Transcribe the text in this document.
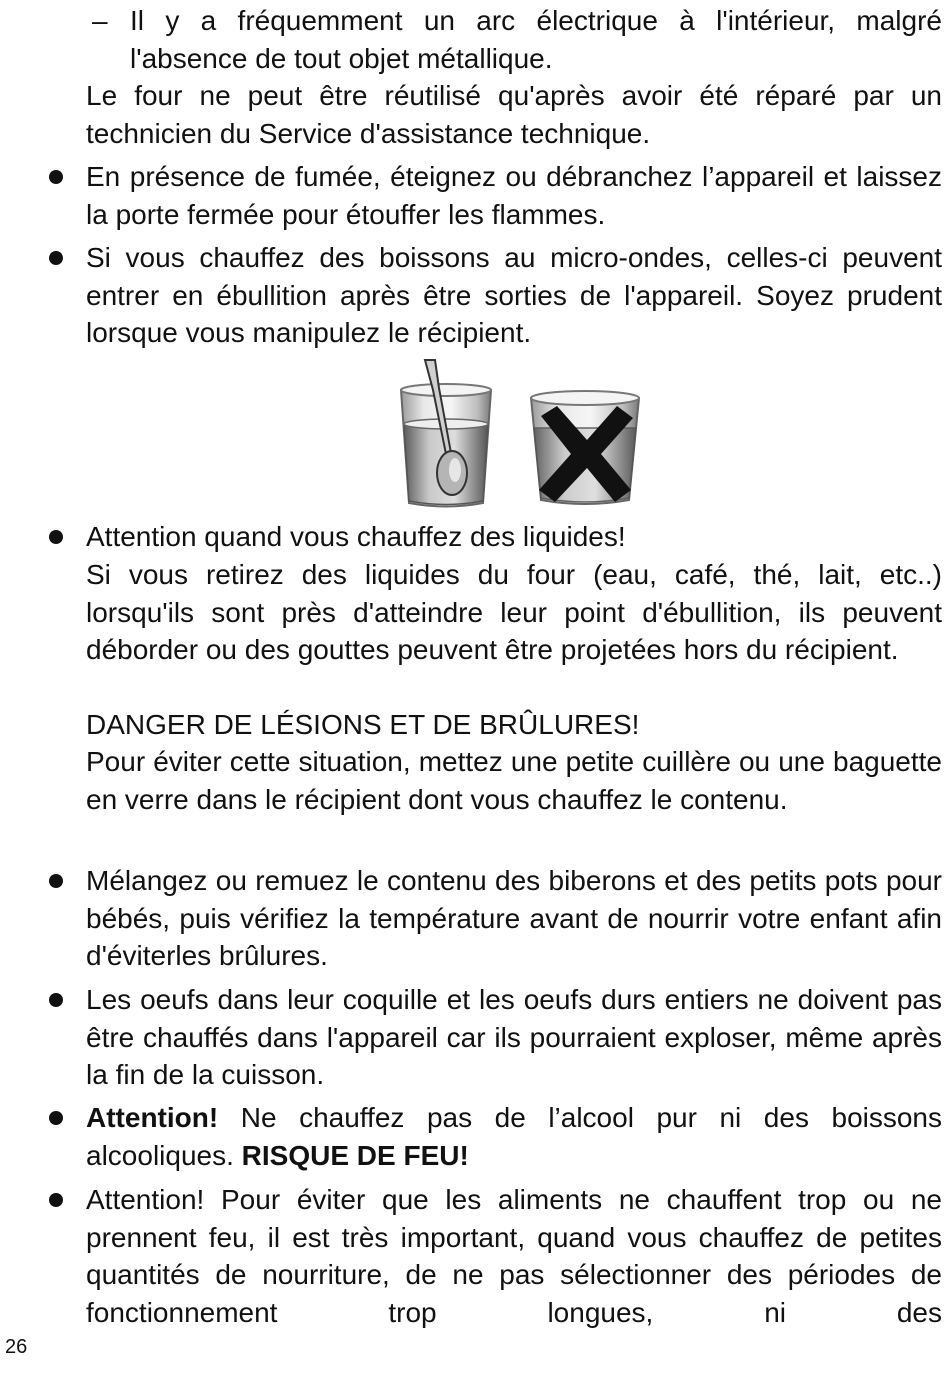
– Il y a fréquemment un arc électrique à l'intérieur, malgré l'absence de tout objet métallique.
Le four ne peut être réutilisé qu'après avoir été réparé par un technicien du Service d'assistance technique.
En présence de fumée, éteignez ou débranchez l’appareil et laissez la porte fermée pour étouffer les flammes.
Si vous chauffez des boissons au micro-ondes, celles-ci peuvent entrer en ébullition après être sorties de l'appareil. Soyez prudent lorsque vous manipulez le récipient.
Attention quand vous chauffez des liquides!
Si vous retirez des liquides du four (eau, café, thé, lait, etc..) lorsqu'ils sont près d'atteindre leur point d'ébullition, ils peuvent déborder ou des gouttes peuvent être projetées hors du récipient.
DANGER DE LÉSIONS ET DE BRÛLURES!
Pour éviter cette situation, mettez une petite cuillère ou une baguette en verre dans le récipient dont vous chauffez le contenu.
Mélangez ou remuez le contenu des biberons et des petits pots pour bébés, puis vérifiez la température avant de nourrir votre enfant afin d'éviterles brûlures.
Les oeufs dans leur coquille et les oeufs durs entiers ne doivent pas être chauffés dans l'appareil car ils pourraient exploser, même après la fin de la cuisson.
Attention! Ne chauffez pas de l’alcool pur ni des boissons alcooliques. RISQUE DE FEU!
Attention! Pour éviter que les aliments ne chauffent trop ou ne prennent feu, il est très important, quand vous chauffez de petites quantités de nourriture, de ne pas sélectionner des périodes de fonctionnement trop longues, ni des
26
